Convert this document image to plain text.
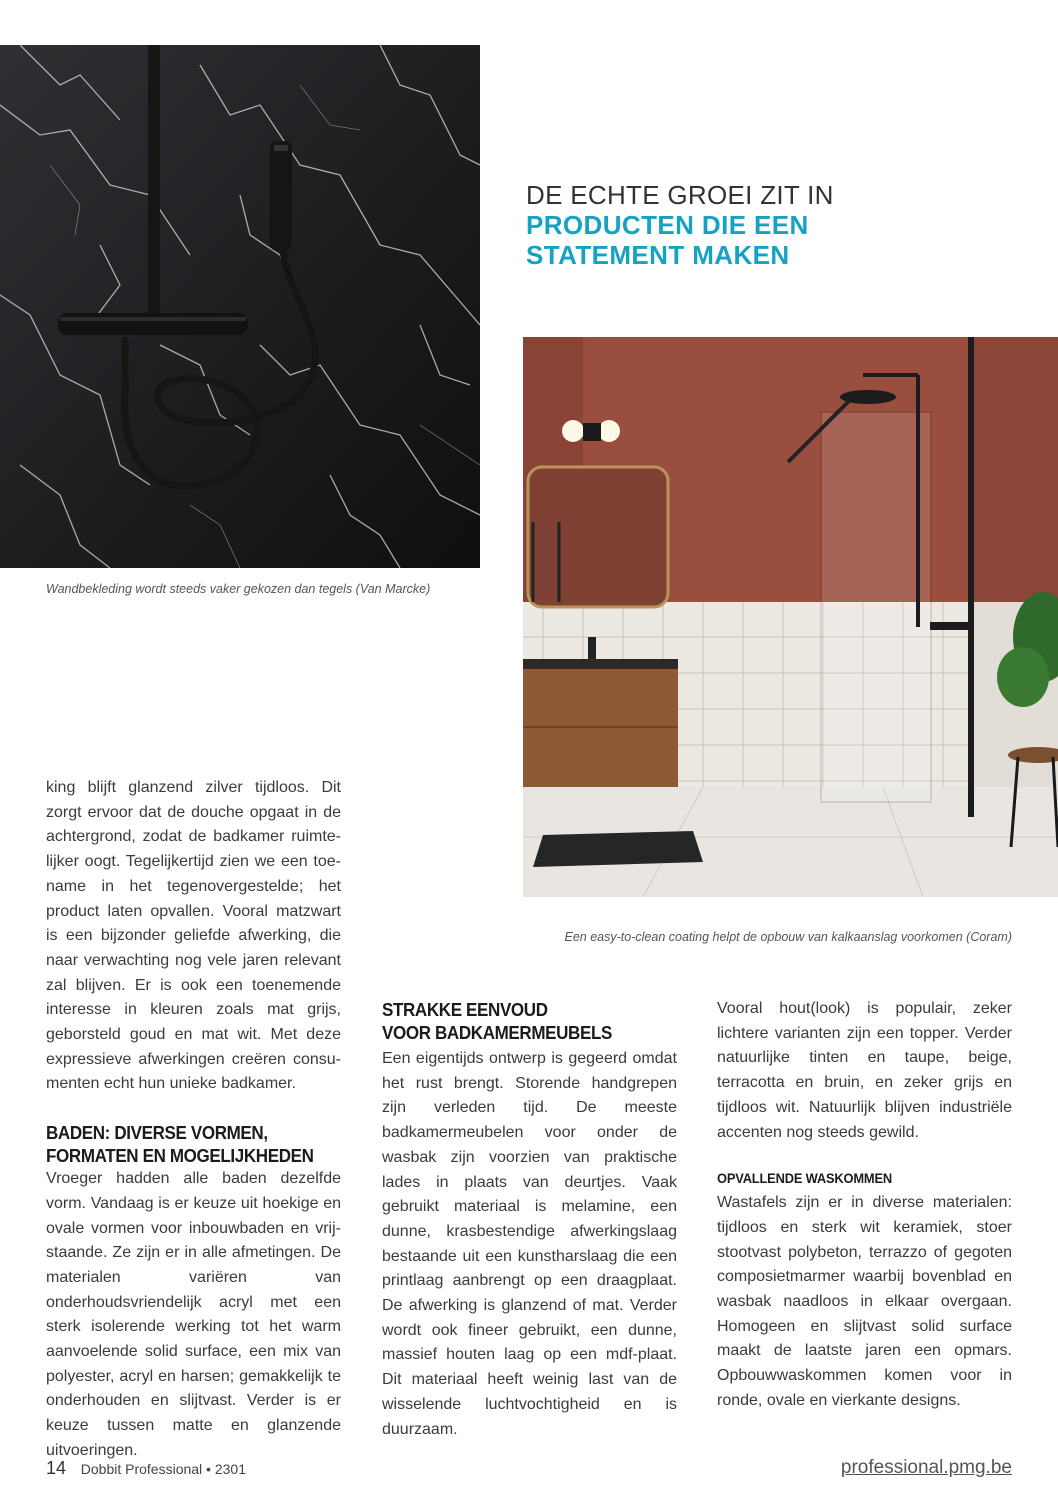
Wandbekleding wordt steeds vaker gekozen dan tegels (Van Marcke)
DE ECHTE GROEI ZIT IN
PRODUCTEN DIE EEN
STATEMENT MAKEN
Een easy-to-clean coating helpt de opbouw van kalkaanslag voorkomen (Coram)

king blijft glanzend zilver tijdloos. Dit zorgt ervoor dat de douche opgaat in de achtergrond, zodat de badkamer ruimtelijker oogt. Tegelijkertijd zien we een toename in het tegenovergestelde; het product laten opvallen. Vooral matzwart is een bijzonder geliefde afwerking, die naar verwachting nog vele jaren relevant zal blijven. Er is ook een toenemende interesse in kleuren zoals mat grijs, geborsteld goud en mat wit. Met deze expressieve afwerkingen creëren consumenten echt hun unieke badkamer.

BADEN: DIVERSE VORMEN,
FORMATEN EN MOGELIJKHEDEN

Vroeger hadden alle baden dezelfde vorm. Vandaag is er keuze uit hoekige en ovale vormen voor inbouwbaden en vrijstaande. Ze zijn er in alle afmetingen. De materialen variëren van onderhoudsvriendelijk acryl met een sterk isolerende werking tot het warm aanvoelende solid surface, een mix van polyester, acryl en harsen; gemakkelijk te onderhouden en slijtvast. Verder is er keuze tussen matte en glanzende uitvoeringen.

STRAKKE EENVOUD
VOOR BADKAMERMEUBELS

Een eigentijds ontwerp is gegeerd omdat het rust brengt. Storende handgrepen zijn verleden tijd. De meeste badkamermeubelen voor onder de wasbak zijn voorzien van praktische lades in plaats van deurtjes. Vaak gebruikt materiaal is melamine, een dunne, krasbestendige afwerkingslaag bestaande uit een kunstharslaag die een printlaag aanbrengt op een draagplaat. De afwerking is glanzend of mat. Verder wordt ook fineer gebruikt, een dunne, massief houten laag op een mdf-plaat. Dit materiaal heeft weinig last van de wisselende luchtvochtigheid en is duurzaam.

Vooral hout(look) is populair, zeker lichtere varianten zijn een topper. Verder natuurlijke tinten en taupe, beige, terracotta en bruin, en zeker grijs en tijdloos wit. Natuurlijk blijven industriële accenten nog steeds gewild.

OPVALLENDE WASKOMMEN

Wastafels zijn er in diverse materialen: tijdloos en sterk wit keramiek, stoer stootvast polybeton, terrazzo of gegoten composietmarmer waarbij bovenblad en wasbak naadloos in elkaar overgaan. Homogeen en slijtvast solid surface maakt de laatste jaren een opmars. Opbouwwaskommen komen voor in ronde, ovale en vierkante designs.

14 Dobbit Professional • 2301	professional.pmg.be
